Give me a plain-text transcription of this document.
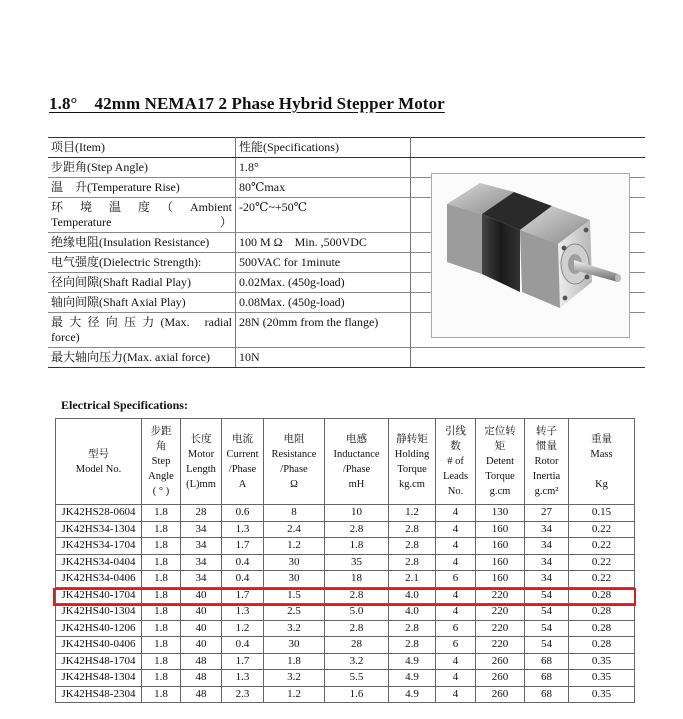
1.8°　42mm NEMA17 2 Phase Hybrid Stepper Motor
项目(Item)	性能(Specifications)	
步距角(Step Angle)	1.8°	
温　升(Temperature Rise)	80℃max	
环　境　温　度　（　Ambient Temperature）	-20℃~+50℃	
绝缘电阻(Insulation Resistance)	100 M Ω　Min. ,500VDC	
电气强度(Dielectric Strength):	500VAC for 1minute	
径向间隙(Shaft Radial Play)	0.02Max. (450g-load)	
轴向间隙(Shaft Axial Play)	0.08Max. (450g-load)	
最 大 径 向 压 力 (Max.　radial force)	28N (20mm from the flange)	
最大轴向压力(Max. axial force)	10N	
Electrical Specifications:
型号
Model No.	步距
角
Step
Angle
( ° )	长度
Motor
Length
(L)mm	电流
Current
/Phase
A	电阻
Resistance
/Phase
Ω	电感
Inductance
/Phase
mH	静转矩
Holding
Torque
kg.cm	引线
数
# of
Leads
No.	定位转
矩
Detent
Torque
g.cm	转子
惯量
Rotor
Inertia
g.cm²	重量
Mass

Kg

JK42HS28-0604	1.8	28	0.6	8	10	1.2	4	130	27	0.15
JK42HS34-1304	1.8	34	1.3	2.4	2.8	2.8	4	160	34	0.22
JK42HS34-1704	1.8	34	1.7	1.2	1.8	2.8	4	160	34	0.22
JK42HS34-0404	1.8	34	0.4	30	35	2.8	4	160	34	0.22
JK42HS34-0406	1.8	34	0.4	30	18	2.1	6	160	34	0.22
JK42HS40-1704	1.8	40	1.7	1.5	2.8	4.0	4	220	54	0.28
JK42HS40-1304	1.8	40	1.3	2.5	5.0	4.0	4	220	54	0.28
JK42HS40-1206	1.8	40	1.2	3.2	2.8	2.8	6	220	54	0.28
JK42HS40-0406	1.8	40	0.4	30	28	2.8	6	220	54	0.28
JK42HS48-1704	1.8	48	1.7	1.8	3.2	4.9	4	260	68	0.35
JK42HS48-1304	1.8	48	1.3	3.2	5.5	4.9	4	260	68	0.35
JK42HS48-2304	1.8	48	2.3	1.2	1.6	4.9	4	260	68	0.35
